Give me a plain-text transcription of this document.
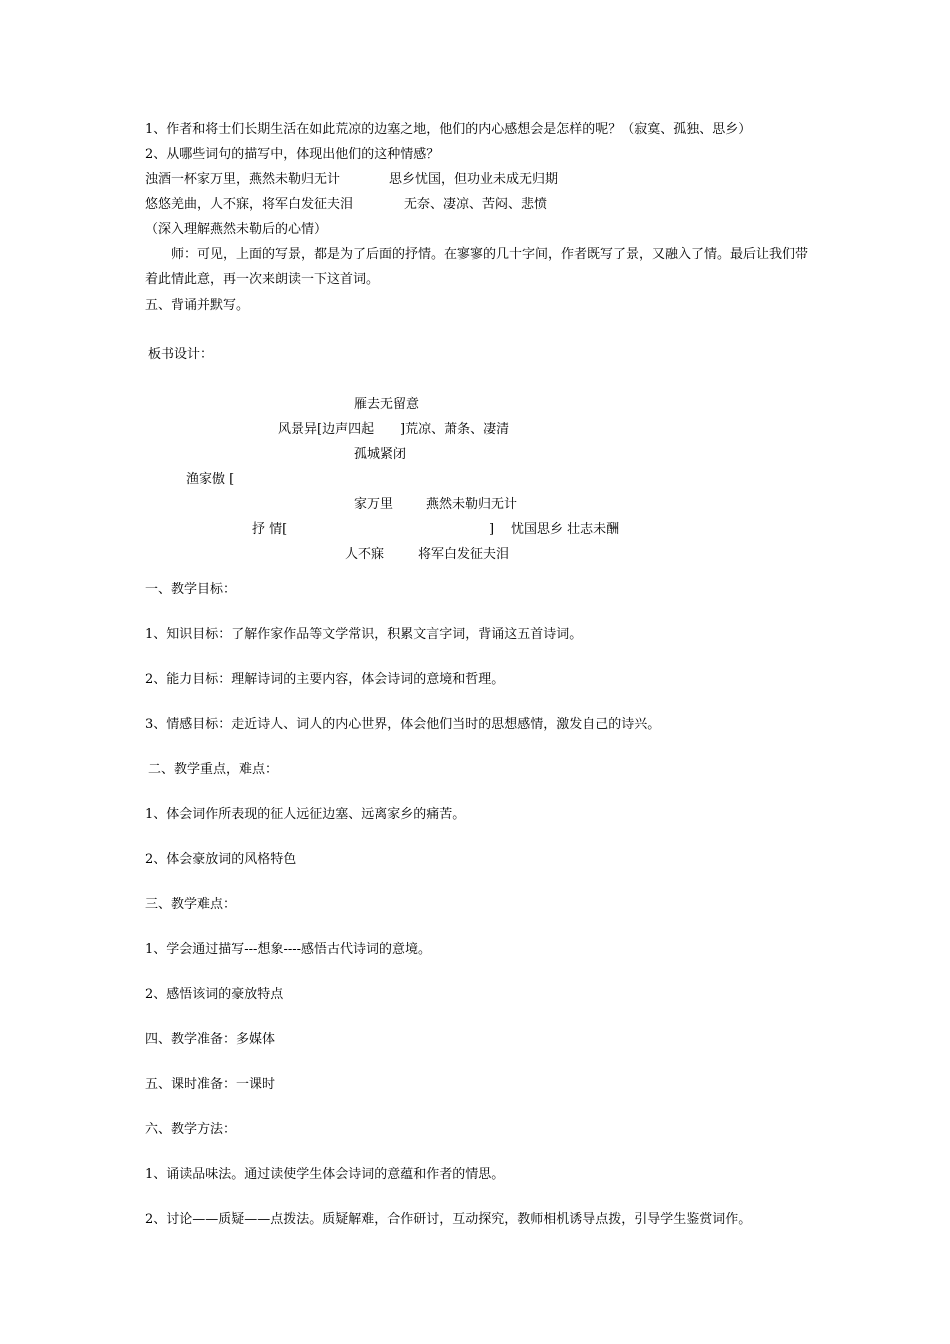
1、作者和将士们长期生活在如此荒凉的边塞之地，他们的内心感想会是怎样的呢？（寂寞、孤独、思乡）
2、从哪些词句的描写中，体现出他们的这种情感？
浊酒一杯家万里，燕然未勒归无计	思乡忧国，但功业未成无归期
悠悠羌曲，人不寐，将军白发征夫泪	无奈、凄凉、苦闷、悲愤
（深入理解燕然未勒后的心情）
师：可见，上面的写景，都是为了后面的抒情。在寥寥的几十字间，作者既写了景，又融入了情。最后让我们带着此情此意，再一次来朗读一下这首词。
五、背诵并默写。
板书设计：
雁去无留意
风景异[边声四起 ]荒凉、萧条、凄清
孤城紧闭
渔家傲 [
家万里	燕然未勒归无计
抒 情[	] 忧国思乡 壮志未酬
人不寐	将军白发征夫泪
一、教学目标：
1、知识目标：了解作家作品等文学常识，积累文言字词，背诵这五首诗词。
2、能力目标：理解诗词的主要内容，体会诗词的意境和哲理。
3、情感目标：走近诗人、词人的内心世界，体会他们当时的思想感情，激发自己的诗兴。
二、教学重点，难点：
1、体会词作所表现的征人远征边塞、远离家乡的痛苦。
2、体会豪放词的风格特色
三、教学难点：
1、学会通过描写---想象----感悟古代诗词的意境。
2、感悟该词的豪放特点
四、教学准备：多媒体
五、课时准备：一课时
六、教学方法：
1、诵读品味法。通过读使学生体会诗词的意蕴和作者的情思。
2、讨论——质疑——点拨法。质疑解难，合作研讨，互动探究，教师相机诱导点拨，引导学生鉴赏词作。
